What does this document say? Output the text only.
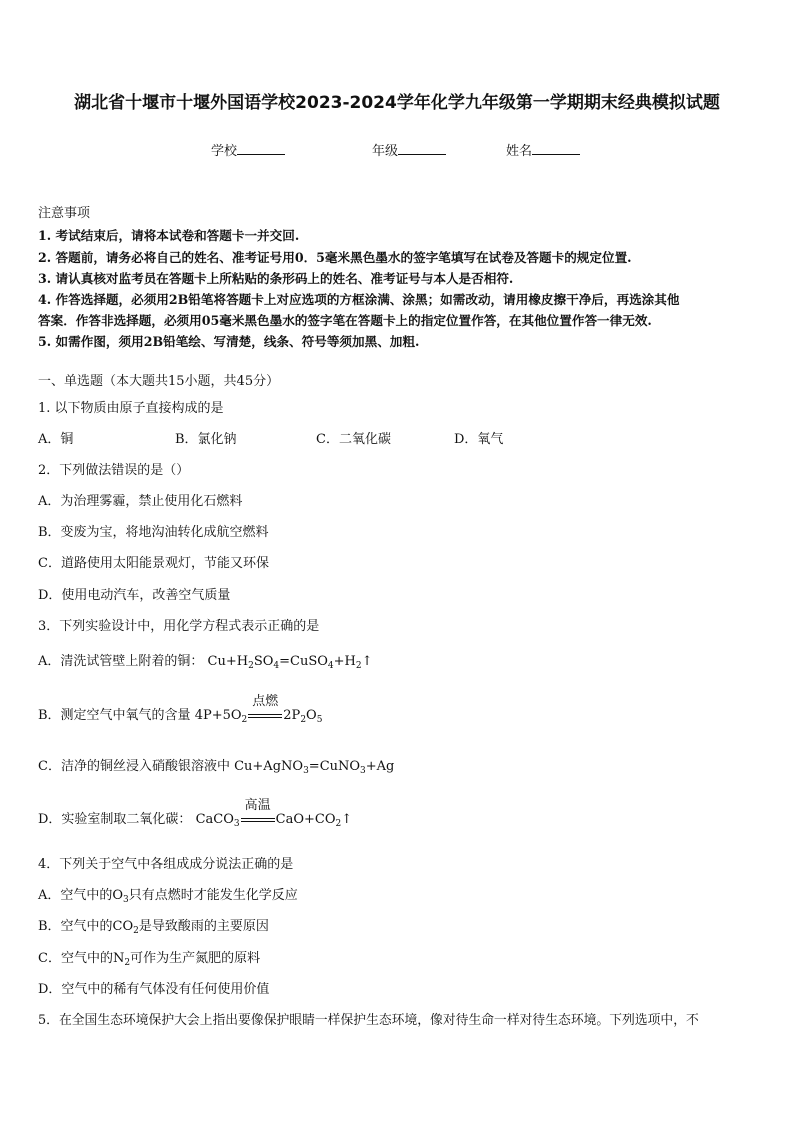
湖北省十堰市十堰外国语学校2023-2024学年化学九年级第一学期期末经典模拟试题
学校	年级	姓名
注意事项
1. 考试结束后，请将本试卷和答题卡一并交回.
2. 答题前，请务必将自己的姓名、准考证号用0．5毫米黑色墨水的签字笔填写在试卷及答题卡的规定位置.
3. 请认真核对监考员在答题卡上所粘贴的条形码上的姓名、准考证号与本人是否相符.
4. 作答选择题，必须用2B铅笔将答题卡上对应选项的方框涂满、涂黑；如需改动，请用橡皮擦干净后，再选涂其他
答案．作答非选择题，必须用05毫米黑色墨水的签字笔在答题卡上的指定位置作答，在其他位置作答一律无效.
5. 如需作图，须用2B铅笔绘、写清楚，线条、符号等须加黑、加粗.
一、单选题（本大题共15小题，共45分）
1. 以下物质由原子直接构成的是
A．铜	B．氯化钠	C．二氧化碳	D．氧气
2．下列做法错误的是（）
A．为治理雾霾，禁止使用化石燃料
B．变废为宝，将地沟油转化成航空燃料
C．道路使用太阳能景观灯，节能又环保
D．使用电动汽车，改善空气质量
3．下列实验设计中，用化学方程式表示正确的是
A．清洗试管壁上附着的铜： $Cu+H_2SO_4=CuSO_4+H_2↑$
B．测定空气中氧气的含量 $4P+5O_2$
点燃
$2P_2O_5$
C．洁净的铜丝浸入硝酸银溶液中 Cu+AgNO$_3$=CuNO$_3$+Ag
D．实验室制取二氧化碳： CaCO$_3$
高温
$CaO+CO_2↑$
4．下列关于空气中各组成成分说法正确的是
A．空气中的$O_3$只有点燃时才能发生化学反应
B．空气中的$CO_2$是导致酸雨的主要原因
C．空气中的$N_2$可作为生产氮肥的原料
D．空气中的稀有气体没有任何使用价值
5．在全国生态环境保护大会上指出要像保护眼睛一样保护生态环境，像对待生命一样对待生态环境。下列选项中，不
